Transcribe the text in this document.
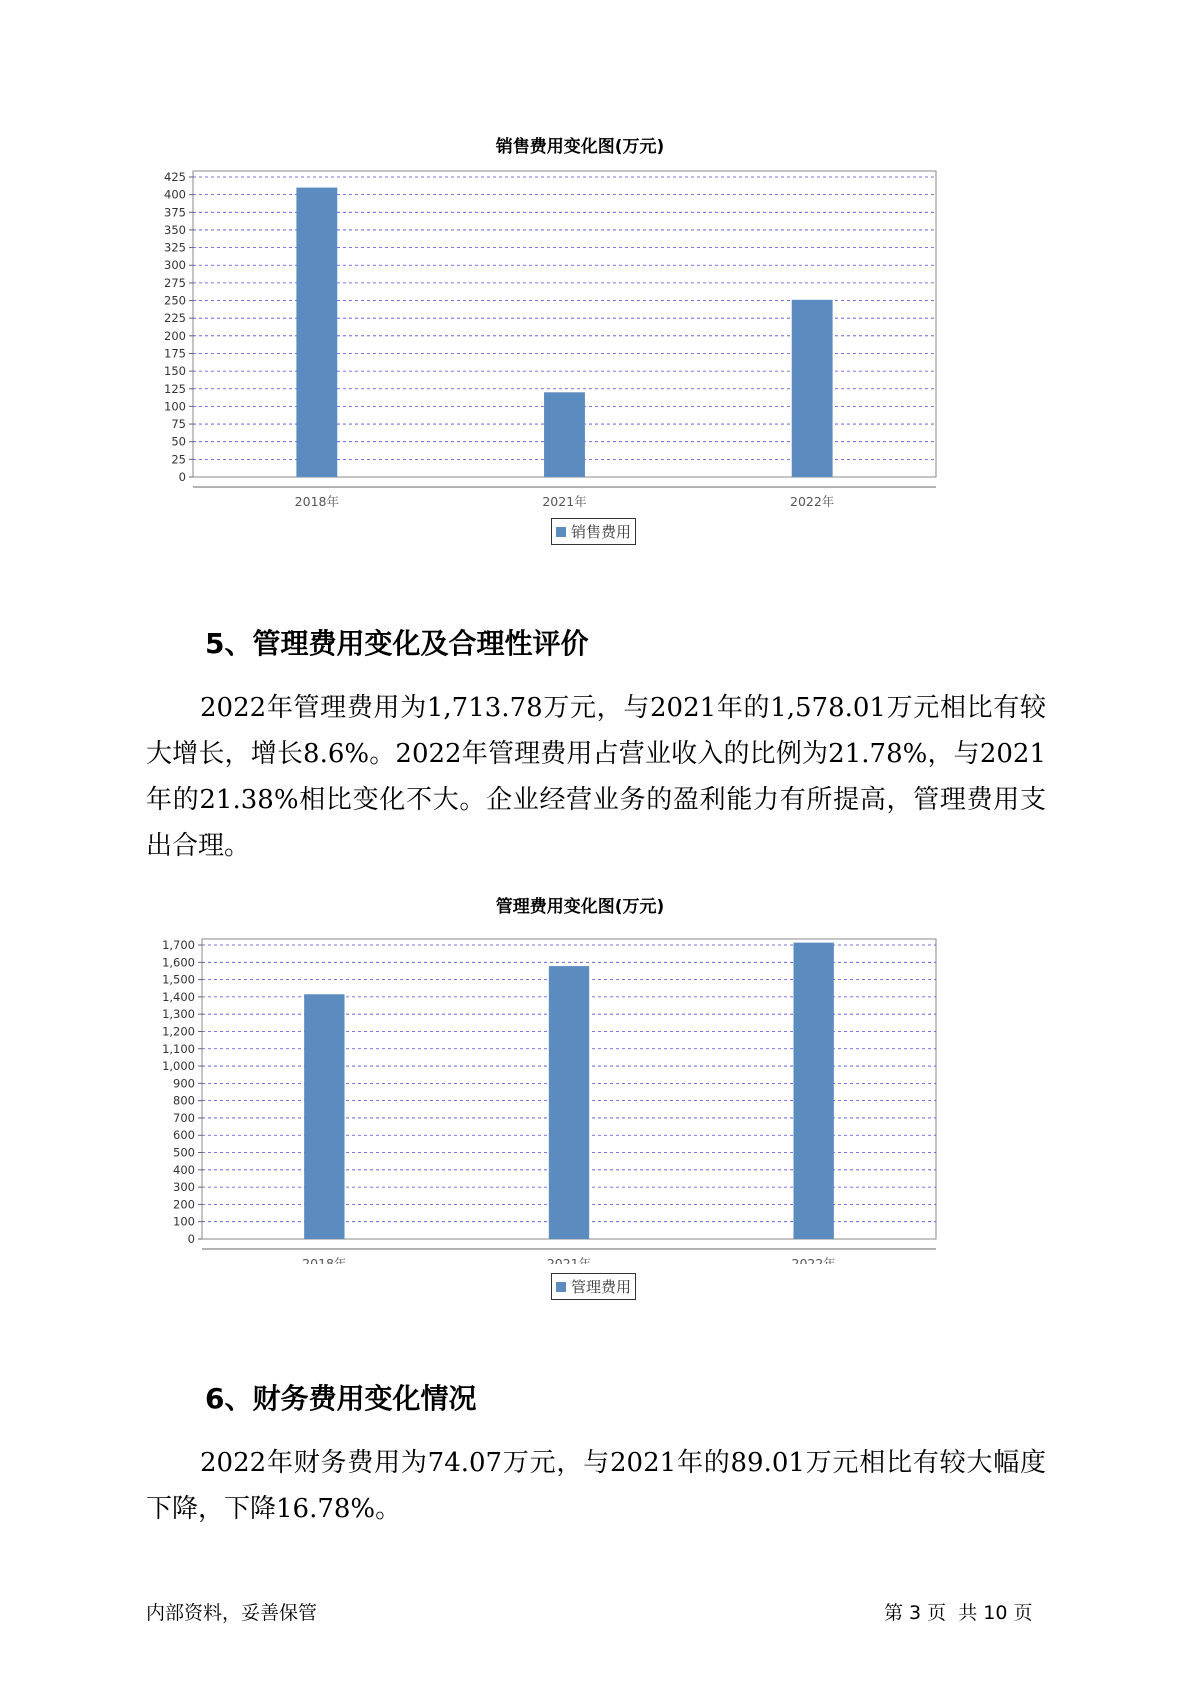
销售费用变化图(万元)
0
25
50
75
100
125
150
175
200
225
250
275
300
325
350
375
400
425
2018年	2021年	2022年
销售费用
5、管理费用变化及合理性评价
2022年管理费用为1,713.78万元，与2021年的1,578.01万元相比有较大增长，增长8.6%。2022年管理费用占营业收入的比例为21.78%，与2021年的21.38%相比变化不大。企业经营业务的盈利能力有所提高，管理费用支出合理。
管理费用变化图(万元)
0
100
200
300
400
500
600
700
800
900
1,000
1,100
1,200
1,300
1,400
1,500
1,600
1,700
2018年	2021年	2022年
管理费用
6、财务费用变化情况
2022年财务费用为74.07万元，与2021年的89.01万元相比有较大幅度下降，下降16.78%。
内部资料，妥善保管	第 3 页  共 10 页
